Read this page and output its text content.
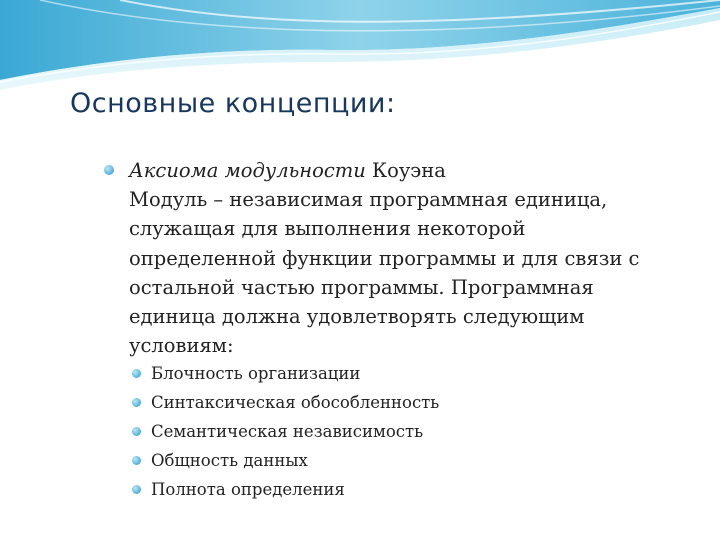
Основные концепции:
Аксиома модульности Коуэна
Модуль – независимая программная единица,
служащая для выполнения некоторой
определенной функции программы и для связи с
остальной частью программы. Программная
единица должна удовлетворять следующим
условиям:
Блочность организации
Синтаксическая обособленность
Семантическая независимость
Общность данных
Полнота определения
